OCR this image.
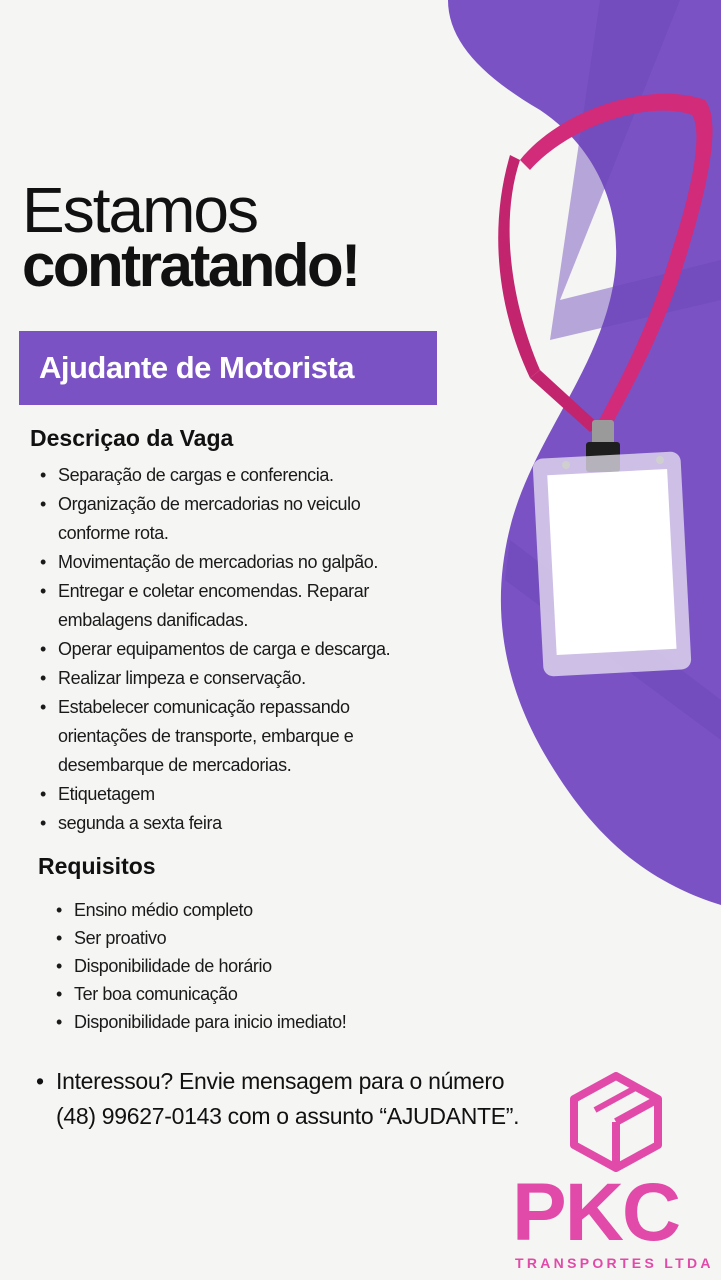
Estamos
contratando!
Ajudante de Motorista
Descriçao da Vaga
• Separação de cargas e conferencia.
• Organização de mercadorias no veiculo conforme rota.
• Movimentação de mercadorias no galpão.
• Entregar e coletar encomendas. Reparar embalagens danificadas.
• Operar equipamentos de carga e descarga.
• Realizar limpeza e conservação.
• Estabelecer comunicação repassando orientações de transporte, embarque e desembarque de mercadorias.
• Etiquetagem
• segunda a sexta feira
Requisitos
• Ensino médio completo
• Ser proativo
• Disponibilidade de horário
• Ter boa comunicação
• Disponibilidade para inicio imediato!
• Interessou? Envie mensagem para o número (48) 99627-0143 com o assunto “AJUDANTE”.
PKC
TRANSPORTES LTDA
